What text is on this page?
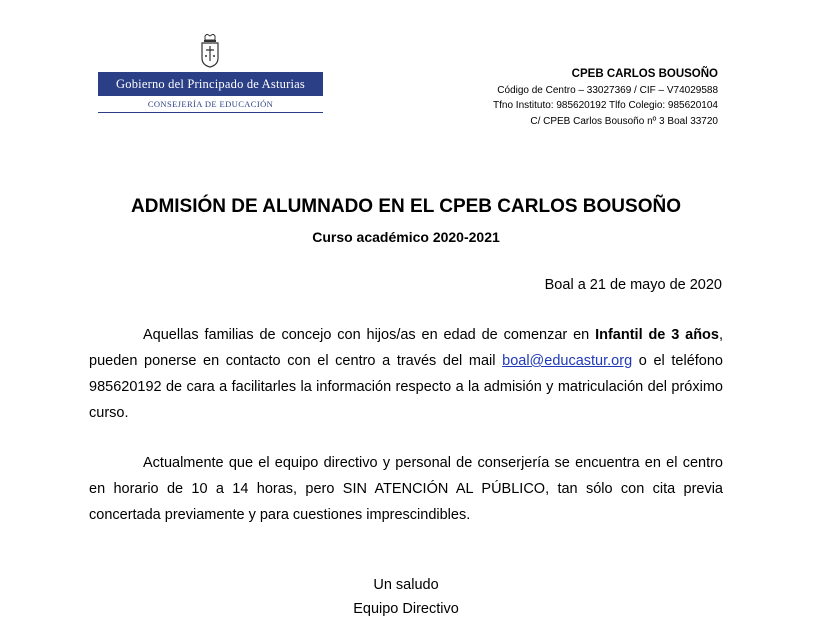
Gobierno del Principado de Asturias
CONSEJERÍA DE EDUCACIÓN
CPEB CARLOS BOUSOÑO
Código de Centro – 33027369 / CIF – V74029588
Tfno Instituto: 985620192 Tlfo Colegio: 985620104
C/ CPEB Carlos Bousoño nº 3 Boal 33720
ADMISIÓN DE ALUMNADO EN EL CPEB CARLOS BOUSOÑO
Curso académico 2020-2021
Boal a 21 de mayo de 2020
Aquellas familias de concejo con hijos/as en edad de comenzar en Infantil de 3 años, pueden ponerse en contacto con el centro a través del mail boal@educastur.org o el teléfono 985620192 de cara a facilitarles la información respecto a la admisión y matriculación del próximo curso.
Actualmente que el equipo directivo y personal de conserjería se encuentra en el centro en horario de 10 a 14 horas, pero SIN ATENCIÓN AL PÚBLICO, tan sólo con cita previa concertada previamente y para cuestiones imprescindibles.
Un saludo
Equipo Directivo
